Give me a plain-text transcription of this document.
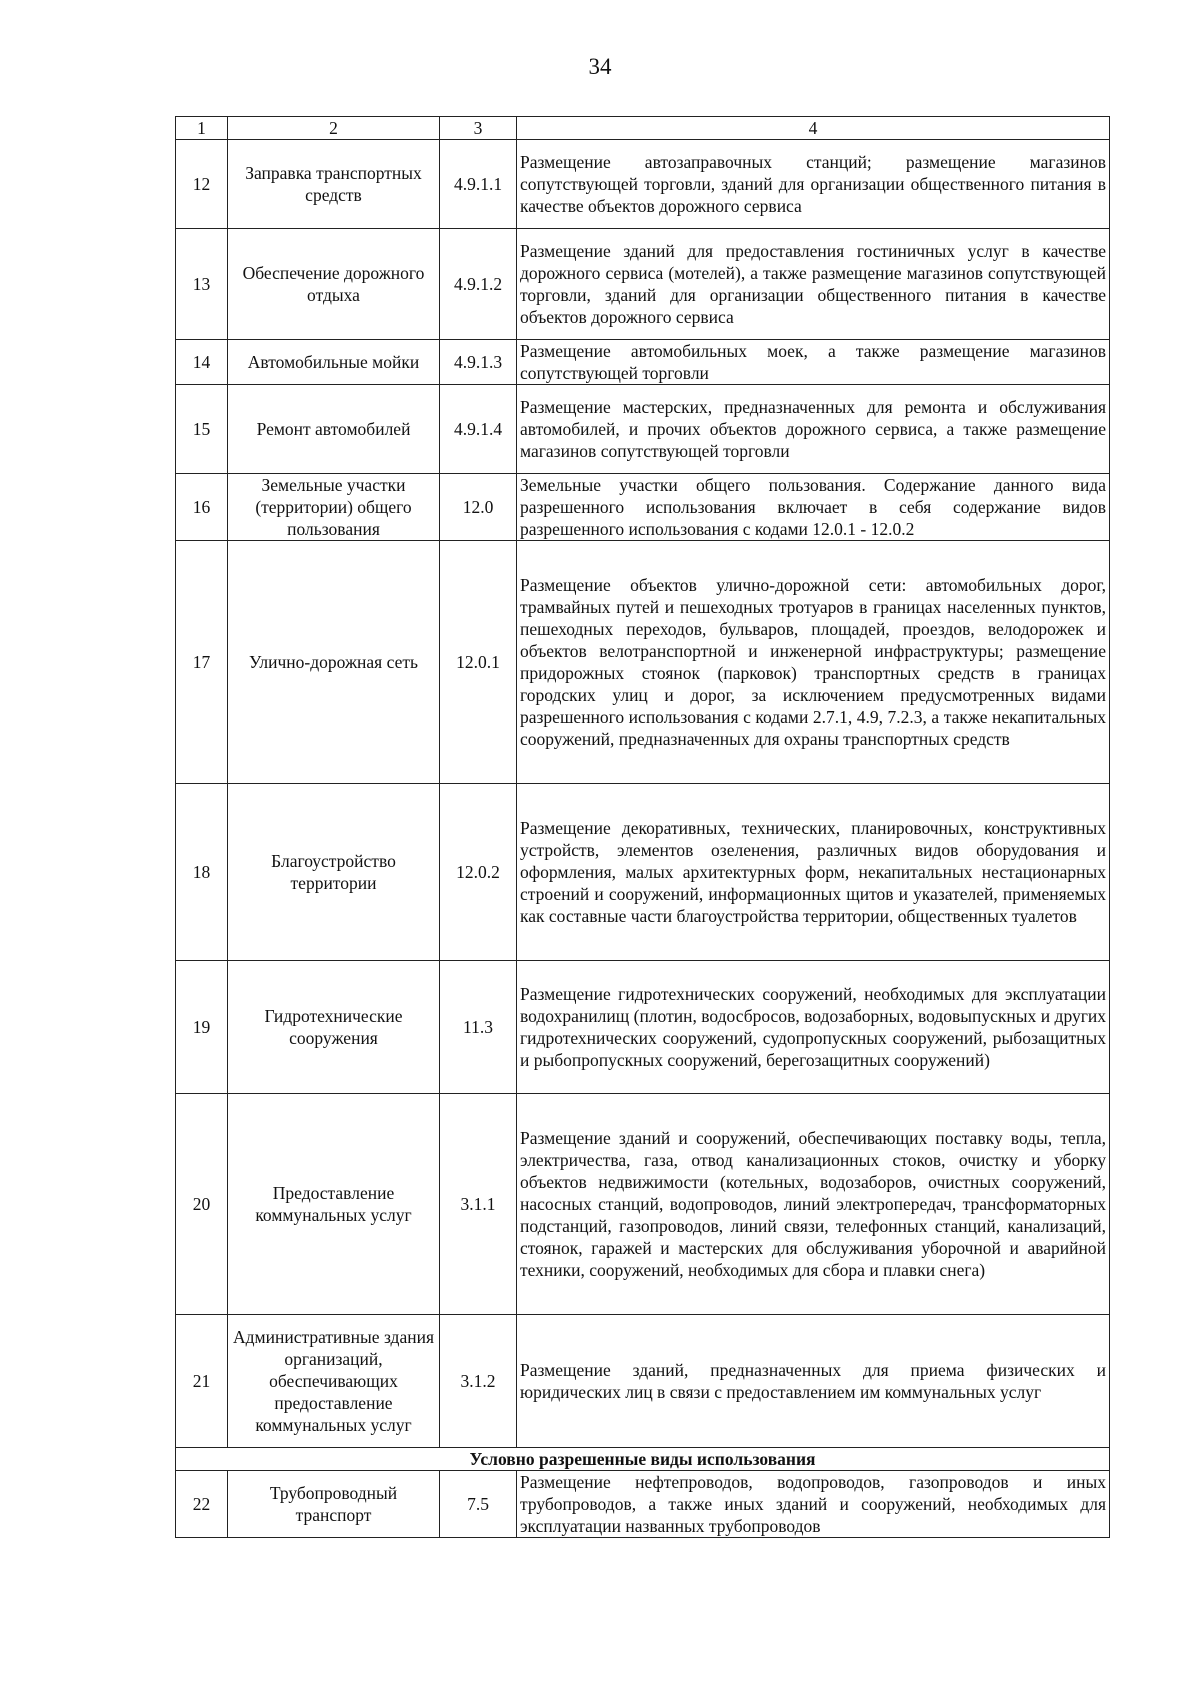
34
1	2	3	4
12	Заправка транспортных средств	4.9.1.1	Размещение автозаправочных станций; размещение магазинов сопутствующей торговли, зданий для организации общественного питания в качестве объектов дорожного сервиса
13	Обеспечение дорожного отдыха	4.9.1.2	Размещение зданий для предоставления гостиничных услуг в качестве дорожного сервиса (мотелей), а также размещение магазинов сопутствующей торговли, зданий для организации общественного питания в качестве объектов дорожного сервиса
14	Автомобильные мойки	4.9.1.3	Размещение автомобильных моек, а также размещение магазинов сопутствующей торговли
15	Ремонт автомобилей	4.9.1.4	Размещение мастерских, предназначенных для ремонта и обслуживания автомобилей, и прочих объектов дорожного сервиса, а также размещение магазинов сопутствующей торговли
16	Земельные участки (территории) общего пользования	12.0	Земельные участки общего пользования. Содержание данного вида разрешенного использования включает в себя содержание видов разрешенного использования с кодами 12.0.1 - 12.0.2
17	Улично-дорожная сеть	12.0.1	Размещение объектов улично-дорожной сети: автомобильных дорог, трамвайных путей и пешеходных тротуаров в границах населенных пунктов, пешеходных переходов, бульваров, площадей, проездов, велодорожек и объектов велотранспортной и инженерной инфраструктуры; размещение придорожных стоянок (парковок) транспортных средств в границах городских улиц и дорог, за исключением предусмотренных видами разрешенного использования с кодами 2.7.1, 4.9, 7.2.3, а также некапитальных сооружений, предназначенных для охраны транспортных средств
18	Благоустройство территории	12.0.2	Размещение декоративных, технических, планировочных, конструктивных устройств, элементов озеленения, различных видов оборудования и оформления, малых архитектурных форм, некапитальных нестационарных строений и сооружений, информационных щитов и указателей, применяемых как составные части благоустройства территории, общественных туалетов
19	Гидротехнические сооружения	11.3	Размещение гидротехнических сооружений, необходимых для эксплуатации водохранилищ (плотин, водосбросов, водозаборных, водовыпускных и других гидротехнических сооружений, судопропускных сооружений, рыбозащитных и рыбопропускных сооружений, берегозащитных сооружений)
20	Предоставление коммунальных услуг	3.1.1	Размещение зданий и сооружений, обеспечивающих поставку воды, тепла, электричества, газа, отвод канализационных стоков, очистку и уборку объектов недвижимости (котельных, водозаборов, очистных сооружений, насосных станций, водопроводов, линий электропередач, трансформаторных подстанций, газопроводов, линий связи, телефонных станций, канализаций, стоянок, гаражей и мастерских для обслуживания уборочной и аварийной техники, сооружений, необходимых для сбора и плавки снега)
21	Административные здания организаций, обеспечивающих предоставление коммунальных услуг	3.1.2	Размещение зданий, предназначенных для приема физических и юридических лиц в связи с предоставлением им коммунальных услуг
Условно разрешенные виды использования			
22	Трубопроводный транспорт	7.5	Размещение нефтепроводов, водопроводов, газопроводов и иных трубопроводов, а также иных зданий и сооружений, необходимых для эксплуатации названных трубопроводов
